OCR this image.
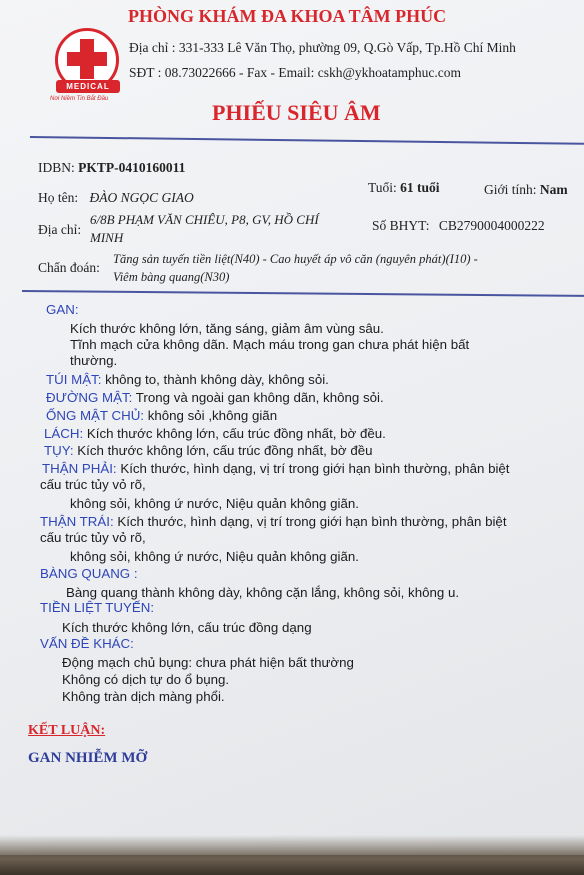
MEDICAL
Nơi Niềm Tin Bắt Đầu
PHÒNG KHÁM ĐA KHOA TÂM PHÚC
Địa chỉ : 331-333 Lê Văn Thọ, phường 09, Q.Gò Vấp, Tp.Hồ Chí Minh
SĐT : 08.73022666 - Fax - Email: cskh@ykhoatamphuc.com
PHIẾU SIÊU ÂM
IDBN: PKTP-0410160011
Họ tên: ĐÀO NGỌC GIAO
Tuổi: 61 tuổi	Giới tính: Nam
Địa chỉ:
6/8B PHẠM VĂN CHIÊU, P8, GV, HỒ CHÍ
MINH
Số BHYT: CB2790004000222
Chẩn đoán:
Tăng sản tuyến tiền liệt(N40) - Cao huyết áp vô căn (nguyên phát)(I10) -
Viêm bàng quang(N30)
GAN:
Kích thước không lớn, tăng sáng, giảm âm vùng sâu.
Tĩnh mạch cửa không dãn. Mạch máu trong gan chưa phát hiện bất
thường.
TÚI MẬT: không to, thành không dày, không sỏi.
ĐƯỜNG MẬT: Trong và ngoài gan không dãn, không sỏi.
ỐNG MẬT CHỦ: không sỏi ,không giãn
LÁCH: Kích thước không lớn, cấu trúc đồng nhất, bờ đều.
TỤY: Kích thước không lớn, cấu trúc đồng nhất, bờ đều
THẬN PHẢI: Kích thước, hình dạng, vị trí trong giới hạn bình thường, phân biệt
cấu trúc tủy vỏ rõ,
không sỏi, không ứ nước, Niệu quản không giãn.
THẬN TRÁI: Kích thước, hình dạng, vị trí trong giới hạn bình thường, phân biệt
cấu trúc tủy vỏ rõ,
không sỏi, không ứ nước, Niệu quản không giãn.
BÀNG QUANG :
Bàng quang thành không dày, không cặn lắng, không sỏi, không u.
TIỀN LIỆT TUYẾN:
Kích thước không lớn, cấu trúc đồng dạng
VẤN ĐỀ KHÁC:
Động mạch chủ bụng: chưa phát hiện bất thường
Không có dịch tự do ổ bụng.
Không tràn dịch màng phổi.
KẾT LUẬN:
GAN NHIỄM MỠ
